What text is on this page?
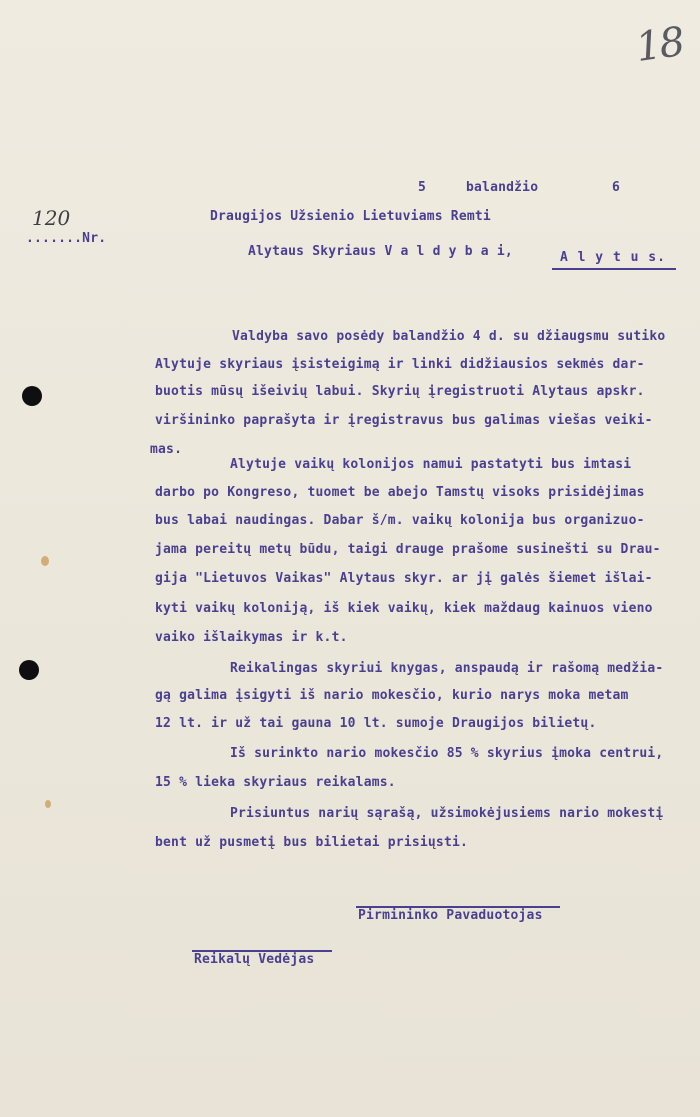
18
5	balandžio	6
120
.......Nr.
Draugijos Užsienio Lietuviams Remti
Alytaus Skyriaus V a l d y b a i,	A l y t u s.
Valdyba savo posėdy balandžio 4 d. su džiaugsmu sutiko
Alytuje skyriaus įsisteigimą ir linki didžiausios sekmės dar-
buotis mūsų išeivių labui. Skyrių įregistruoti Alytaus apskr.
viršininko paprašyta ir įregistravus bus galimas viešas veiki-
mas.
Alytuje vaikų kolonijos namui pastatyti bus imtasi
darbo po Kongreso, tuomet be abejo Tamstų visoks prisidėjimas
bus labai naudingas. Dabar š/m. vaikų kolonija bus organizuo-
jama pereitų metų būdu, taigi drauge prašome susinešti su Drau-
gija "Lietuvos Vaikas" Alytaus skyr. ar jį galės šiemet išlai-
kyti vaikų koloniją, iš kiek vaikų, kiek maždaug kainuos vieno
vaiko išlaikymas ir k.t.
Reikalingas skyriui knygas, anspaudą ir rašomą medžia-
gą galima įsigyti iš nario mokesčio, kurio narys moka metam
12 lt. ir už tai gauna 10 lt. sumoje Draugijos bilietų.
Iš surinkto nario mokesčio 85 % skyrius įmoka centrui,
15 % lieka skyriaus reikalams.
Prisiuntus narių sąrašą, užsimokėjusiems nario mokestį
bent už pusmetį bus bilietai prisiųsti.
Pirmininko Pavaduotojas
Reikalų Vedėjas
